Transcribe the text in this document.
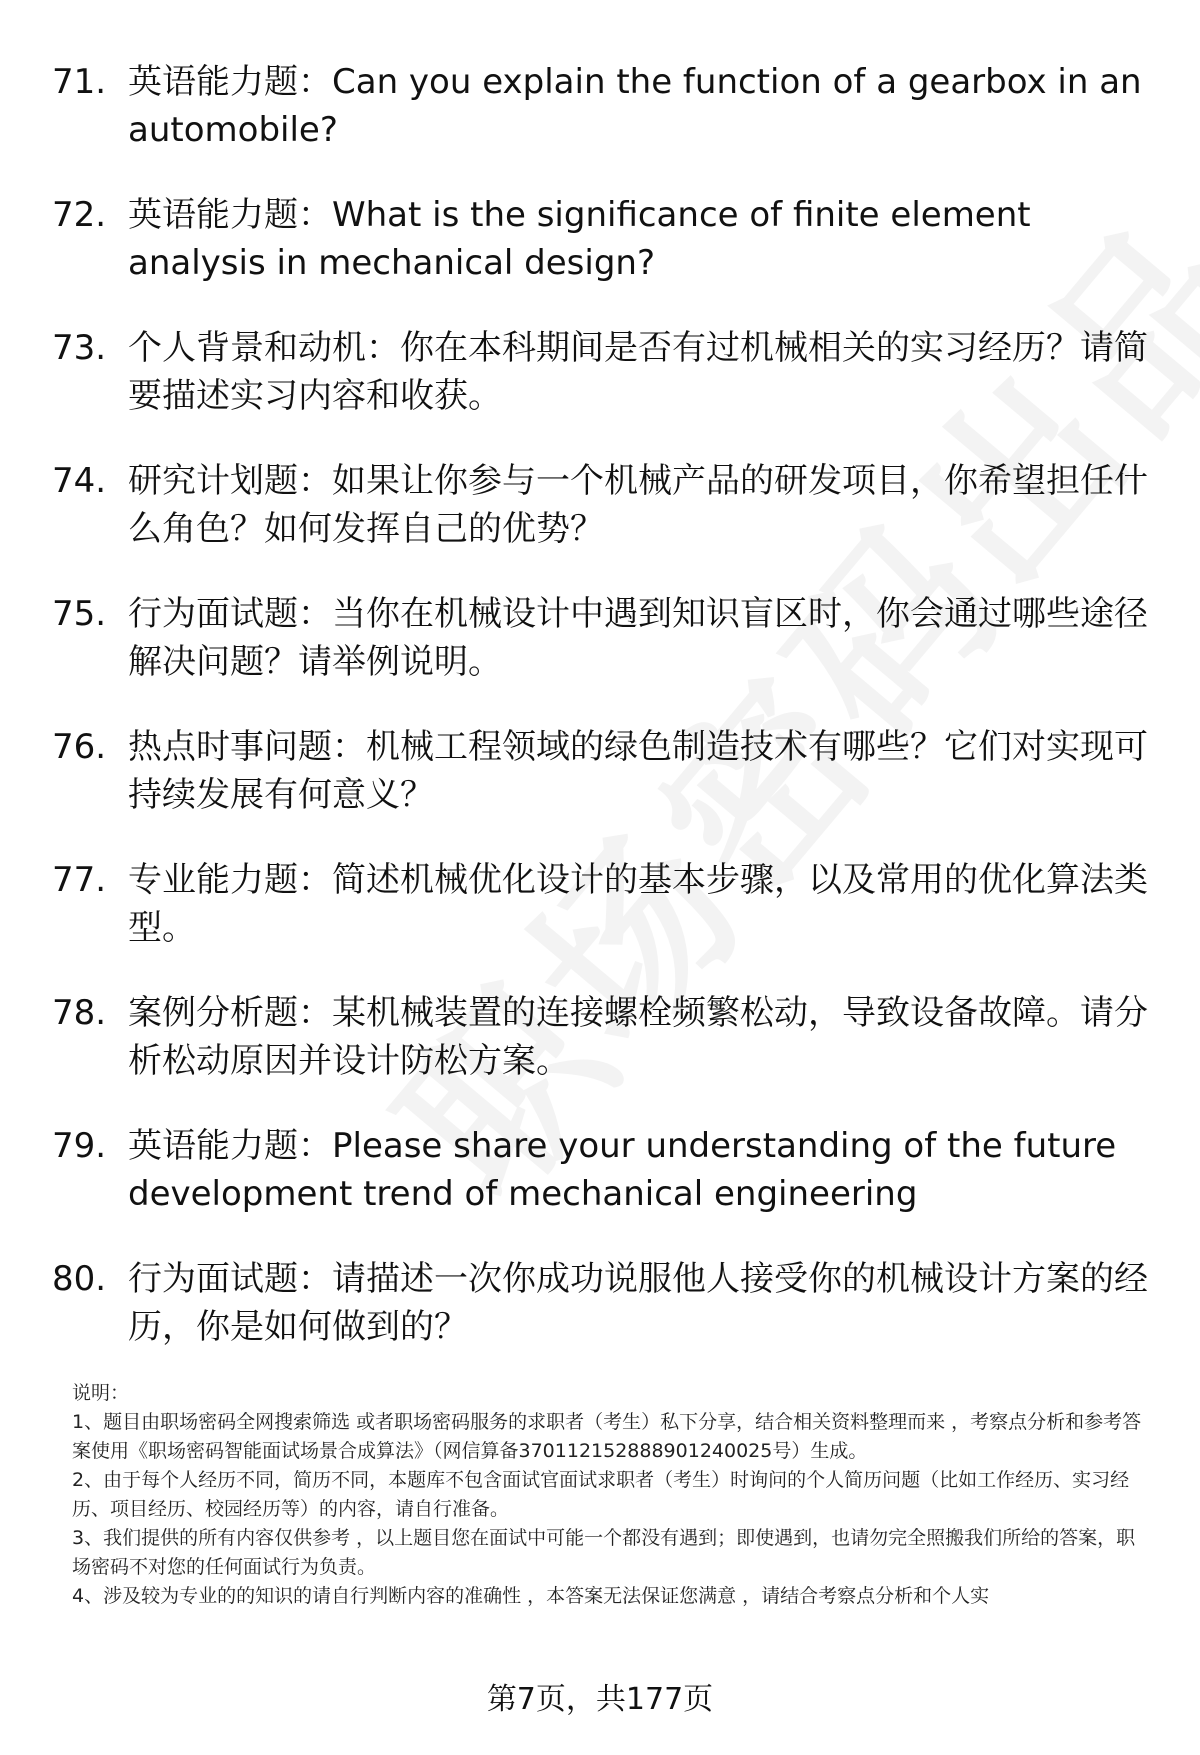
71. 英语能力题：Can you explain the function of a gearbox in an automobile?
72. 英语能力题：What is the significance of finite element analysis in mechanical design?
73. 个人背景和动机：你在本科期间是否有过机械相关的实习经历？请简要描述实习内容和收获。
74. 研究计划题：如果让你参与一个机械产品的研发项目，你希望担任什么角色？如何发挥自己的优势？
75. 行为面试题：当你在机械设计中遇到知识盲区时，你会通过哪些途径解决问题？请举例说明。
76. 热点时事问题：机械工程领域的绿色制造技术有哪些？它们对实现可持续发展有何意义？
77. 专业能力题：简述机械优化设计的基本步骤，以及常用的优化算法类型。
78. 案例分析题：某机械装置的连接螺栓频繁松动，导致设备故障。请分析松动原因并设计防松方案。
79. 英语能力题：Please share your understanding of the future development trend of mechanical engineering
80. 行为面试题：请描述一次你成功说服他人接受你的机械设计方案的经历，你是如何做到的？

说明：

1、题目由职场密码全网搜索筛选 或者职场密码服务的求职者（考生）私下分享，结合相关资料整理而来 ，考察点分析和参考答案使用《职场密码智能面试场景合成算法》（网信算备370112152888901240025号）生成。

2、由于每个人经历不同，简历不同，本题库不包含面试官面试求职者（考生）时询问的个人简历问题（比如工作经历、实习经历、项目经历、校园经历等）的内容，请自行准备。

3、我们提供的所有内容仅供参考 ，以上题目您在面试中可能一个都没有遇到；即使遇到，也请勿完全照搬我们所给的答案，职场密码不对您的任何面试行为负责。

4、涉及较为专业的的知识的请自行判断内容的准确性 ，本答案无法保证您满意 ，请结合考察点分析和个人实

第7页，共177页
